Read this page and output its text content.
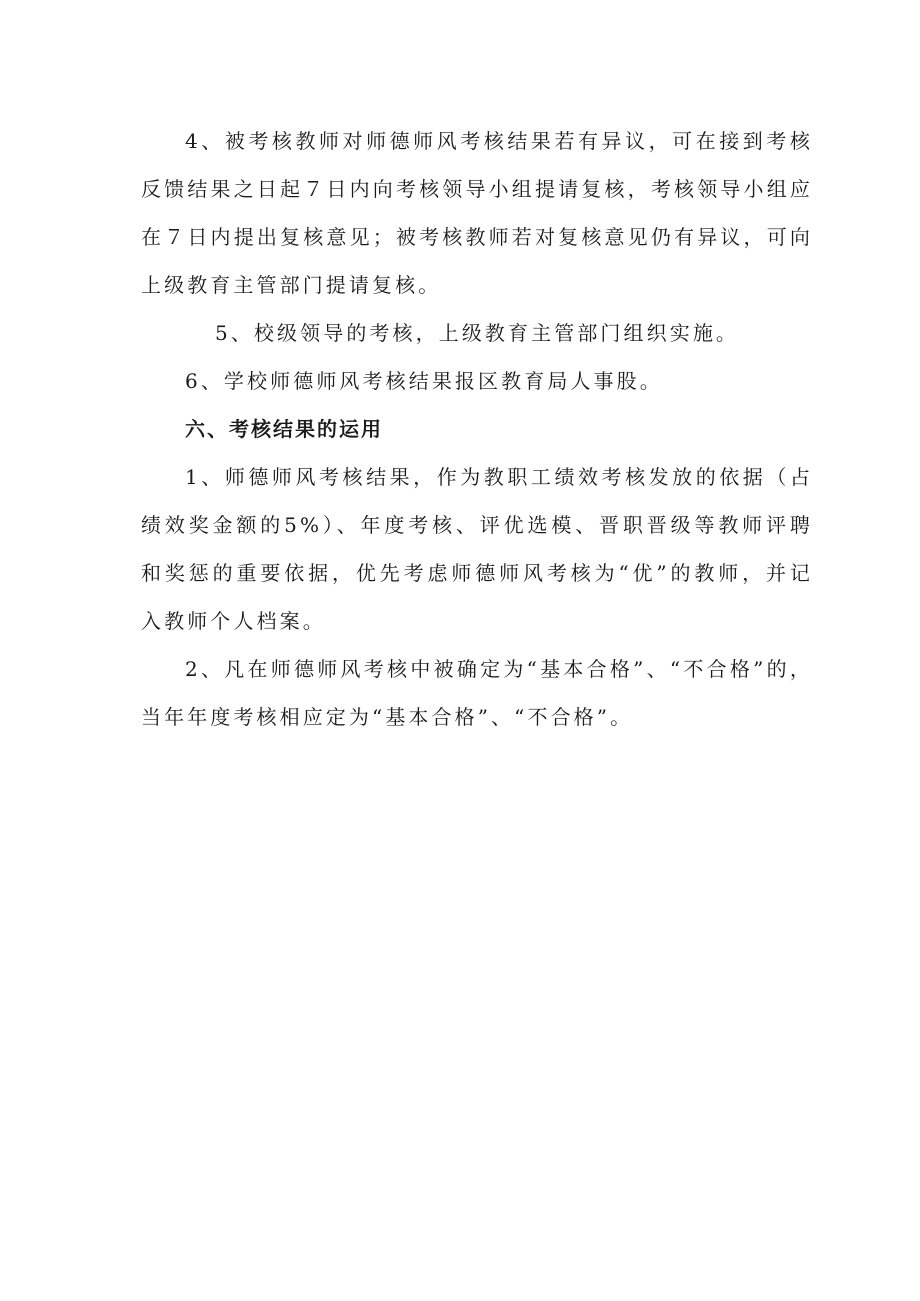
4、被考核教师对师德师风考核结果若有异议，可在接到考核反馈结果之日起７日内向考核领导小组提请复核，考核领导小组应在７日内提出复核意见；被考核教师若对复核意见仍有异议，可向上级教育主管部门提请复核。

5、校级领导的考核，上级教育主管部门组织实施。

6、学校师德师风考核结果报区教育局人事股。

六、考核结果的运用

1、师德师风考核结果，作为教职工绩效考核发放的依据（占绩效奖金额的5%）、年度考核、评优选模、晋职晋级等教师评聘和奖惩的重要依据，优先考虑师德师风考核为“优”的教师，并记入教师个人档案。

2、凡在师德师风考核中被确定为“基本合格”、“不合格”的，当年年度考核相应定为“基本合格”、“不合格”。
